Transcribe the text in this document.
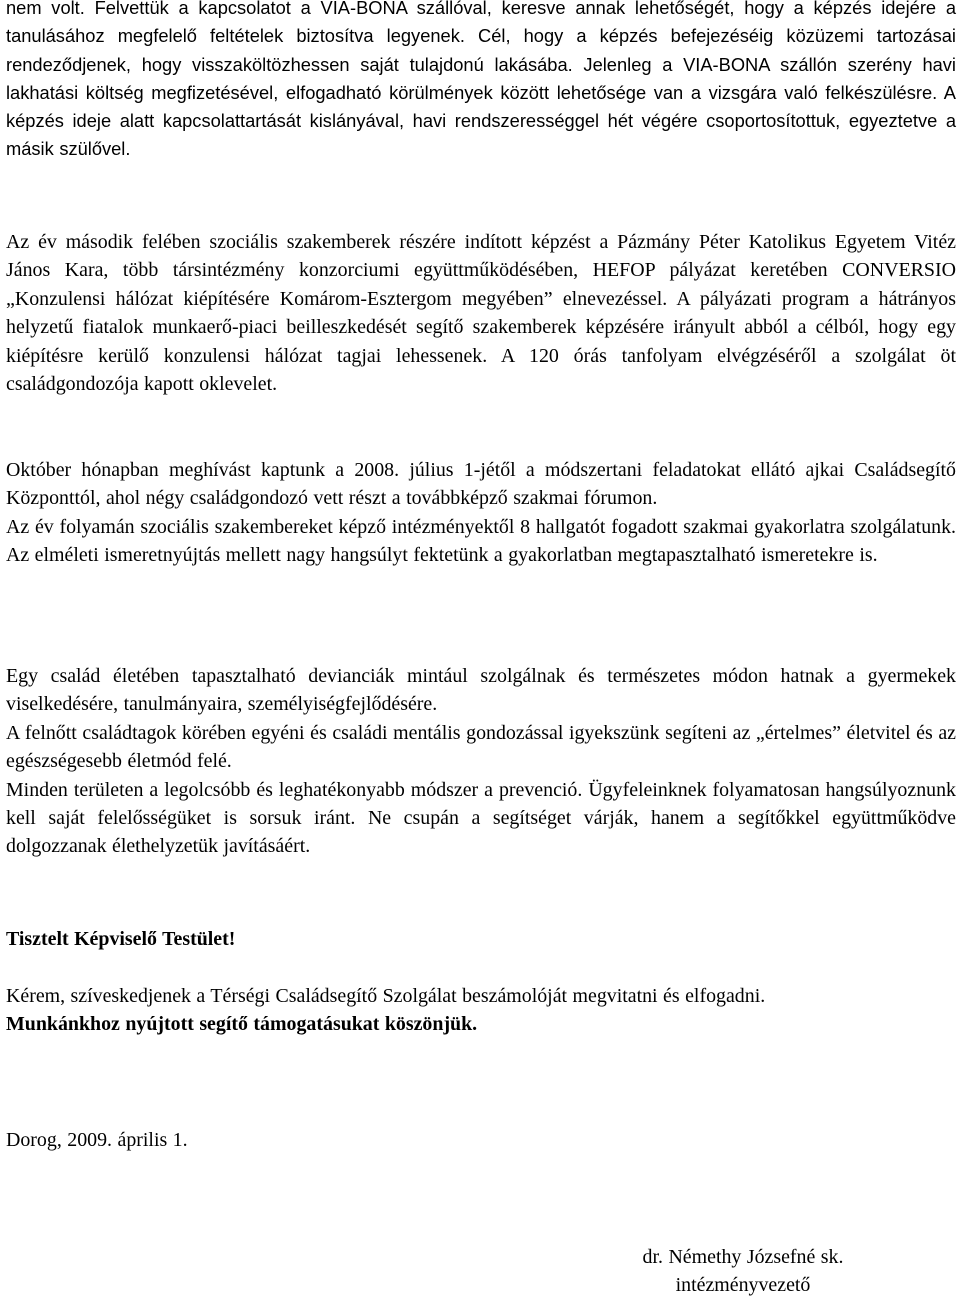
nem volt. Felvettük a kapcsolatot a VIA-BONA szállóval, keresve annak lehetőségét, hogy a képzés idejére a tanulásához megfelelő feltételek biztosítva legyenek. Cél, hogy a képzés befejezéséig közüzemi tartozásai rendeződjenek, hogy visszaköltözhessen saját tulajdonú lakásába. Jelenleg a VIA-BONA szállón szerény havi lakhatási költség megfizetésével, elfogadható körülmények között lehetősége van a vizsgára való felkészülésre. A képzés ideje alatt kapcsolattartását kislányával, havi rendszerességgel hét végére csoportosítottuk, egyeztetve a másik szülővel.

Az év második felében szociális szakemberek részére indított képzést a Pázmány Péter Katolikus Egyetem Vitéz János Kara, több társintézmény konzorciumi együttműködésében, HEFOP pályázat keretében CONVERSIO „Konzulensi hálózat kiépítésére Komárom-Esztergom megyében” elnevezéssel. A pályázati program a hátrányos helyzetű fiatalok munkaerő-piaci beilleszkedését segítő szakemberek képzésére irányult abból a célból, hogy egy kiépítésre kerülő konzulensi hálózat tagjai lehessenek. A 120 órás tanfolyam elvégzéséről a szolgálat öt családgondozója kapott oklevelet.

Október hónapban meghívást kaptunk a 2008. július 1-jétől a módszertani feladatokat ellátó ajkai Családsegítő Központtól, ahol négy családgondozó vett részt a továbbképző szakmai fórumon.

Az év folyamán szociális szakembereket képző intézményektől 8 hallgatót fogadott szakmai gyakorlatra szolgálatunk. Az elméleti ismeretnyújtás mellett nagy hangsúlyt fektetünk a gyakorlatban megtapasztalható ismeretekre is.

Egy család életében tapasztalható devianciák mintául szolgálnak és természetes módon hatnak a gyermekek viselkedésére, tanulmányaira, személyiségfejlődésére.

A felnőtt családtagok körében egyéni és családi mentális gondozással igyekszünk segíteni az „értelmes” életvitel és az egészségesebb életmód felé.

Minden területen a legolcsóbb és leghatékonyabb módszer a prevenció. Ügyfeleinknek folyamatosan hangsúlyoznunk kell saját felelősségüket is sorsuk iránt. Ne csupán a segítséget várják, hanem a segítőkkel együttműködve dolgozzanak élethelyzetük javításáért.

Tisztelt Képviselő Testület!

Kérem, szíveskedjenek a Térségi Családsegítő Szolgálat beszámolóját megvitatni és elfogadni.

Munkánkhoz nyújtott segítő támogatásukat köszönjük.

Dorog, 2009. április 1.
dr. Némethy Józsefné sk.
intézményvezető
